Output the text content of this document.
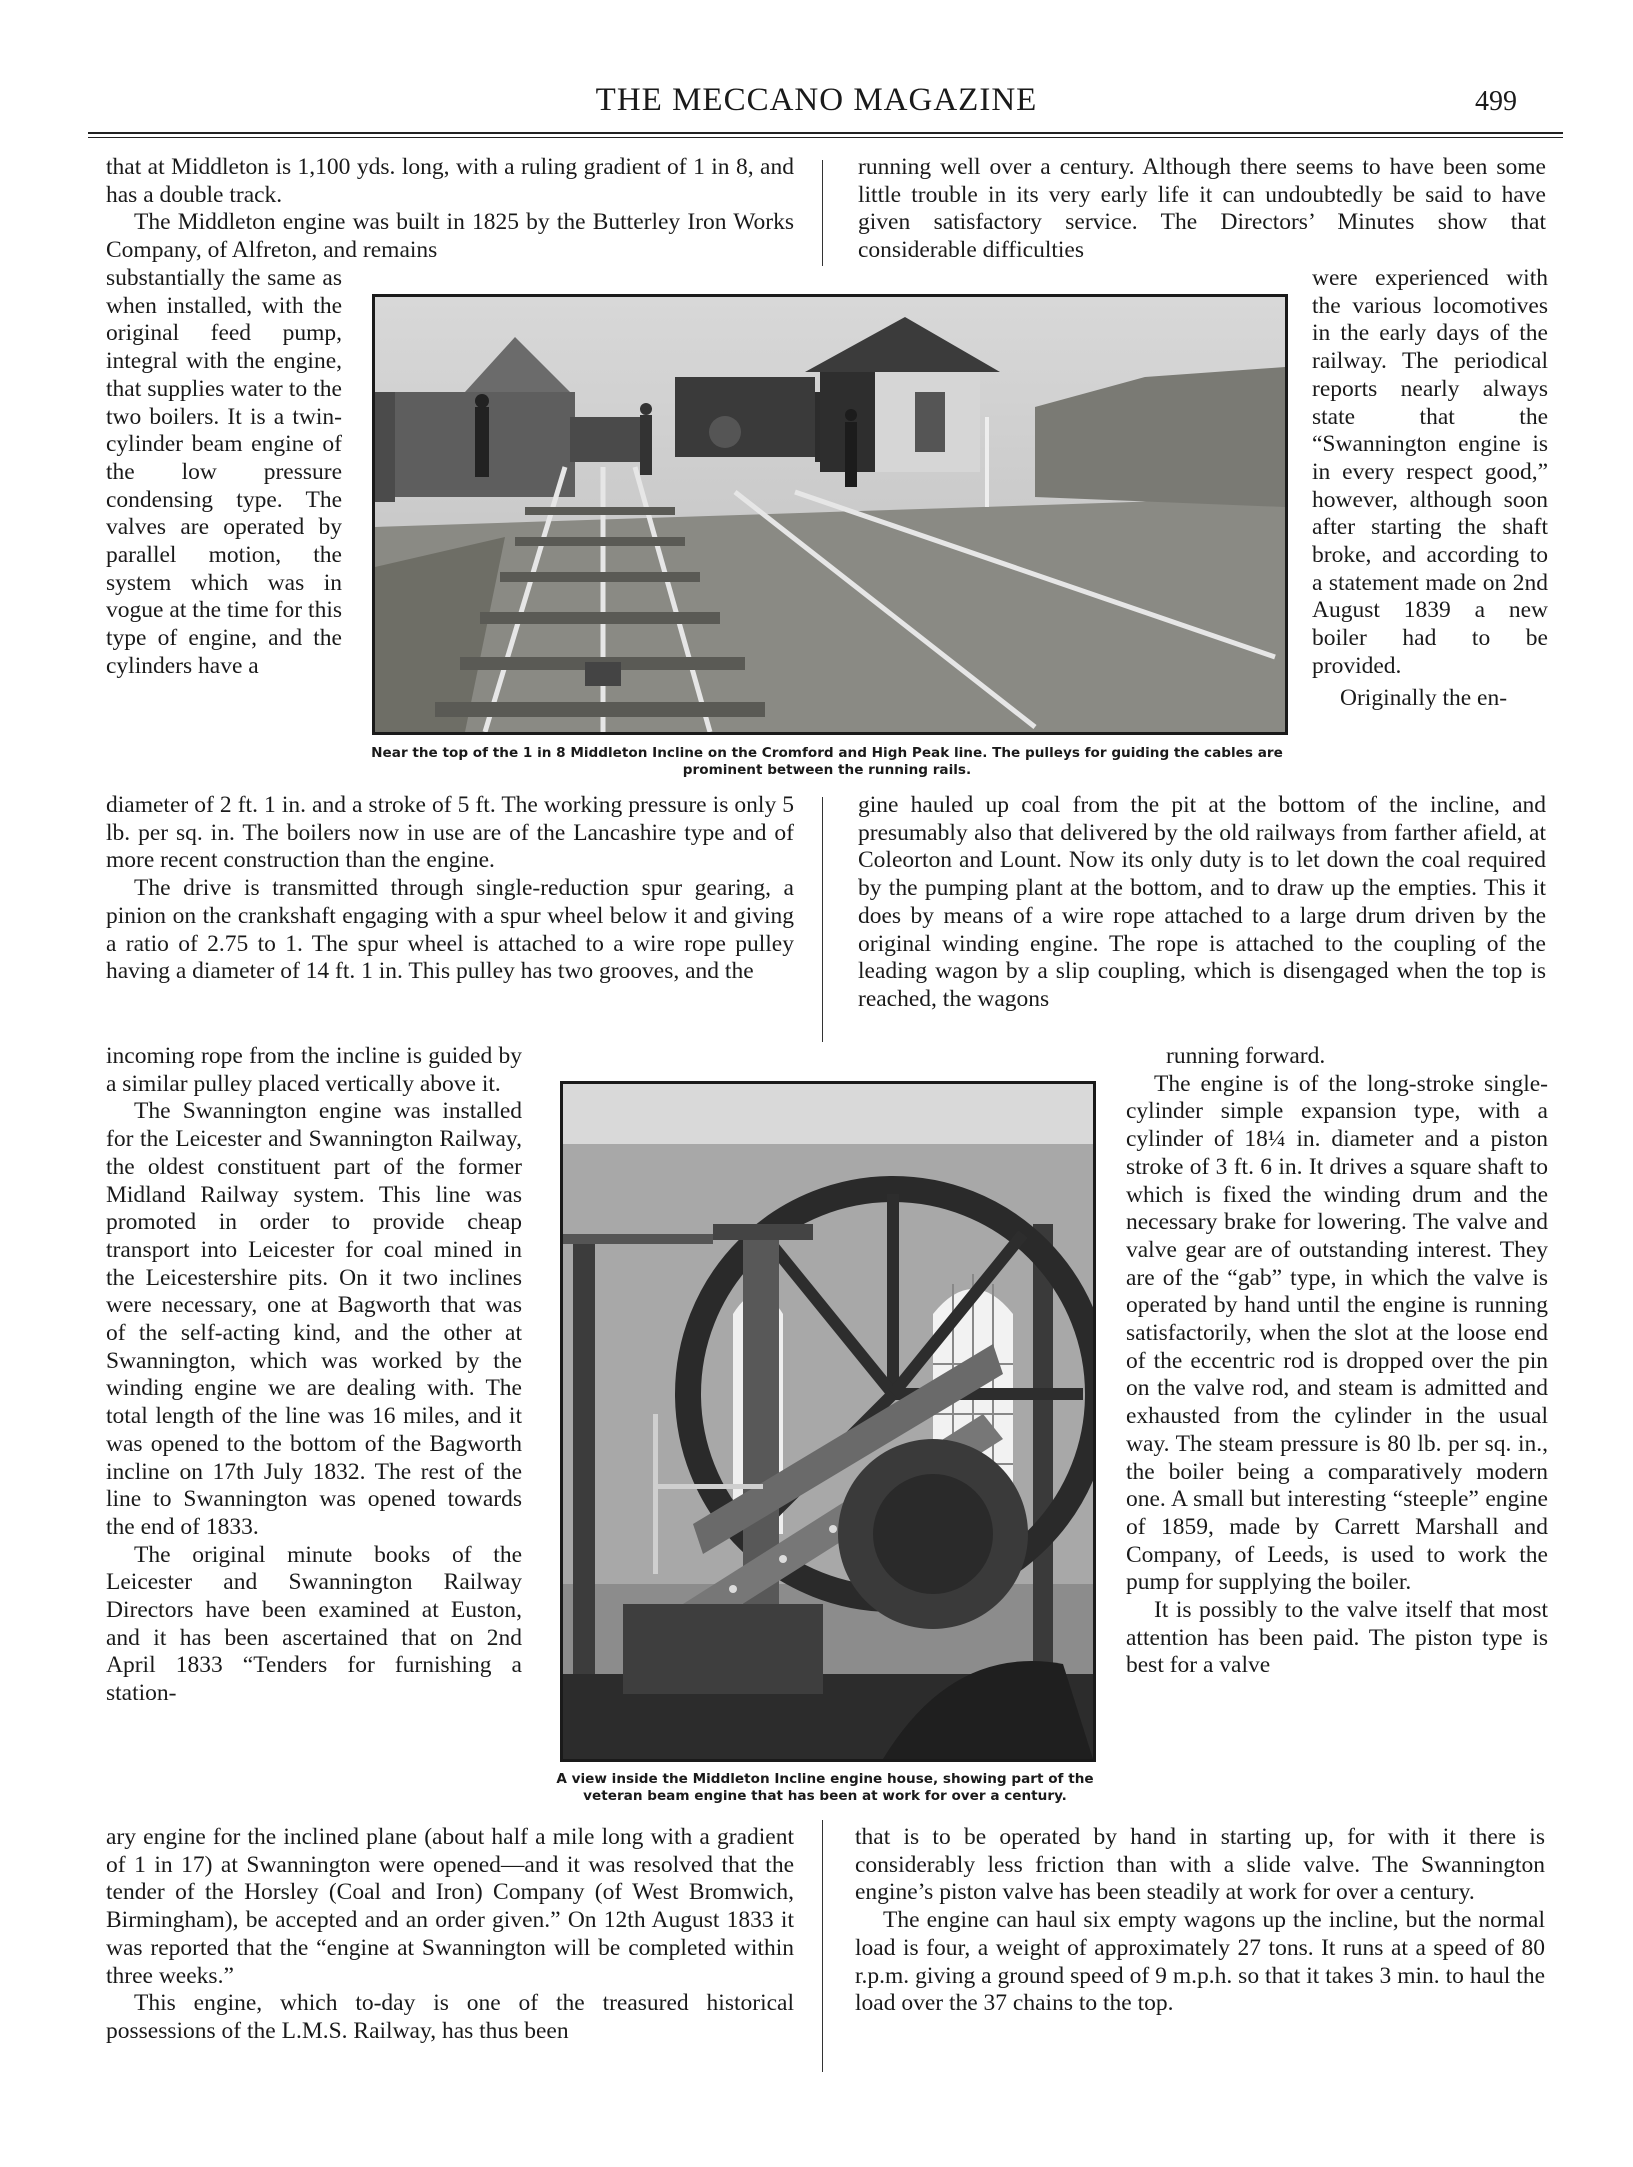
THE MECCANO MAGAZINE	499

that at Middleton is 1,100 yds. long, with a ruling gradient of 1 in 8, and has a double track.

The Middleton engine was built in 1825 by the Butterley Iron Works Company, of Alfreton, and remains

substantially the same as when installed, with the original feed pump, integral with the engine, that supplies water to the two boilers. It is a twin-cylinder beam engine of the low pressure condensing type. The valves are operated by parallel motion, the system which was in vogue at the time for this type of engine, and the cylinders have a

diameter of 2 ft. 1 in. and a stroke of 5 ft. The working pressure is only 5 lb. per sq. in. The boilers now in use are of the Lancashire type and of more recent construction than the engine.

The drive is transmitted through single-reduction spur gearing, a pinion on the crankshaft engaging with a spur wheel below it and giving a ratio of 2.75 to 1. The spur wheel is attached to a wire rope pulley having a diameter of 14 ft. 1 in. This pulley has two grooves, and the

incoming rope from the incline is guided by a similar pulley placed vertically above it.

The Swannington engine was installed for the Leicester and Swannington Railway, the oldest constituent part of the former Midland Railway system. This line was promoted in order to provide cheap transport into Leicester for coal mined in the Leicestershire pits. On it two inclines were necessary, one at Bagworth that was of the self-acting kind, and the other at Swannington, which was worked by the winding engine we are dealing with. The total length of the line was 16 miles, and it was opened to the bottom of the Bagworth incline on 17th July 1832. The rest of the line to Swannington was opened towards the end of 1833.

The original minute books of the Leicester and Swannington Railway Directors have been examined at Euston, and it has been ascertained that on 2nd April 1833 “Tenders for furnishing a station-

ary engine for the inclined plane (about half a mile long with a gradient of 1 in 17) at Swannington were opened—and it was resolved that the tender of the Horsley (Coal and Iron) Company (of West Bromwich, Birmingham), be accepted and an order given.” On 12th August 1833 it was reported that the “engine at Swannington will be completed within three weeks.”

This engine, which to-day is one of the treasured historical possessions of the L.M.S. Railway, has thus been

running well over a century. Although there seems to have been some little trouble in its very early life it can undoubtedly be said to have given satisfactory service. The Directors’ Minutes show that considerable difficulties

were experienced with the various locomotives in the early days of the railway. The periodical reports nearly always state that the “Swannington engine is in every respect good,” however, although soon after starting the shaft broke, and according to a statement made on 2nd August 1839 a new boiler had to be provided.

Originally the en-

gine hauled up coal from the pit at the bottom of the incline, and presumably also that delivered by the old railways from farther afield, at Coleorton and Lount. Now its only duty is to let down the coal required by the pumping plant at the bottom, and to draw up the empties. This it does by means of a wire rope attached to a large drum driven by the original winding engine. The rope is attached to the coupling of the leading wagon by a slip coupling, which is disengaged when the top is reached, the wagons

running forward.

The engine is of the long-stroke single-cylinder simple expansion type, with a cylinder of 18¼ in. diameter and a piston stroke of 3 ft. 6 in. It drives a square shaft to which is fixed the winding drum and the necessary brake for lowering. The valve and valve gear are of outstanding interest. They are of the “gab” type, in which the valve is operated by hand until the engine is running satisfactorily, when the slot at the loose end of the eccentric rod is dropped over the pin on the valve rod, and steam is admitted and exhausted from the cylinder in the usual way. The steam pressure is 80 lb. per sq. in., the boiler being a comparatively modern one. A small but interesting “steeple” engine of 1859, made by Carrett Marshall and Company, of Leeds, is used to work the pump for supplying the boiler.

It is possibly to the valve itself that most attention has been paid. The piston type is best for a valve

that is to be operated by hand in starting up, for with it there is considerably less friction than with a slide valve. The Swannington engine’s piston valve has been steadily at work for over a century.

The engine can haul six empty wagons up the incline, but the normal load is four, a weight of approximately 27 tons. It runs at a speed of 80 r.p.m. giving a ground speed of 9 m.p.h. so that it takes 3 min. to haul the load over the 37 chains to the top.

Near the top of the 1 in 8 Middleton Incline on the Cromford and High Peak line. The pulleys for guiding the cables are prominent between the running rails.
A view inside the Middleton Incline engine house, showing part of the veteran beam engine that has been at work for over a century.
